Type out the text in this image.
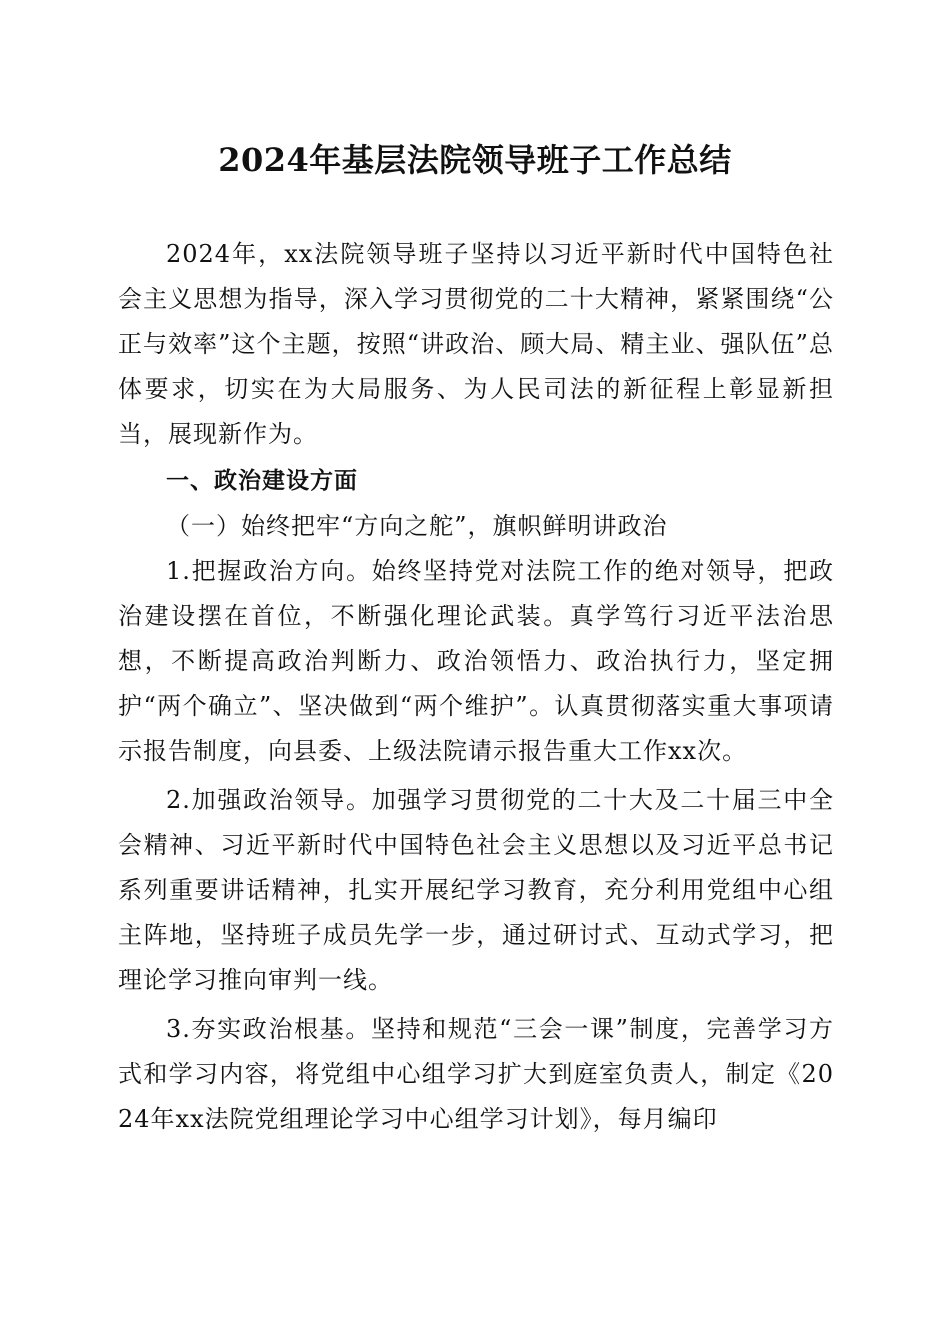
2024年基层法院领导班子工作总结

2024年，xx法院领导班子坚持以习近平新时代中国特色社会主义思想为指导，深入学习贯彻党的二十大精神，紧紧围绕“公正与效率”这个主题，按照“讲政治、顾大局、精主业、强队伍”总体要求，切实在为大局服务、为人民司法的新征程上彰显新担当，展现新作为。

一、政治建设方面

（一）始终把牢“方向之舵”，旗帜鲜明讲政治

1.把握政治方向。始终坚持党对法院工作的绝对领导，把政治建设摆在首位，不断强化理论武装。真学笃行习近平法治思想，不断提高政治判断力、政治领悟力、政治执行力，坚定拥护“两个确立”、坚决做到“两个维护”。认真贯彻落实重大事项请示报告制度，向县委、上级法院请示报告重大工作xx次。

2.加强政治领导。加强学习贯彻党的二十大及二十届三中全会精神、习近平新时代中国特色社会主义思想以及习近平总书记系列重要讲话精神，扎实开展纪学习教育，充分利用党组中心组主阵地，坚持班子成员先学一步，通过研讨式、互动式学习，把理论学习推向审判一线。

3.夯实政治根基。坚持和规范“三会一课”制度，完善学习方式和学习内容，将党组中心组学习扩大到庭室负责人，制定《2024年xx法院党组理论学习中心组学习计划》，每月编印
